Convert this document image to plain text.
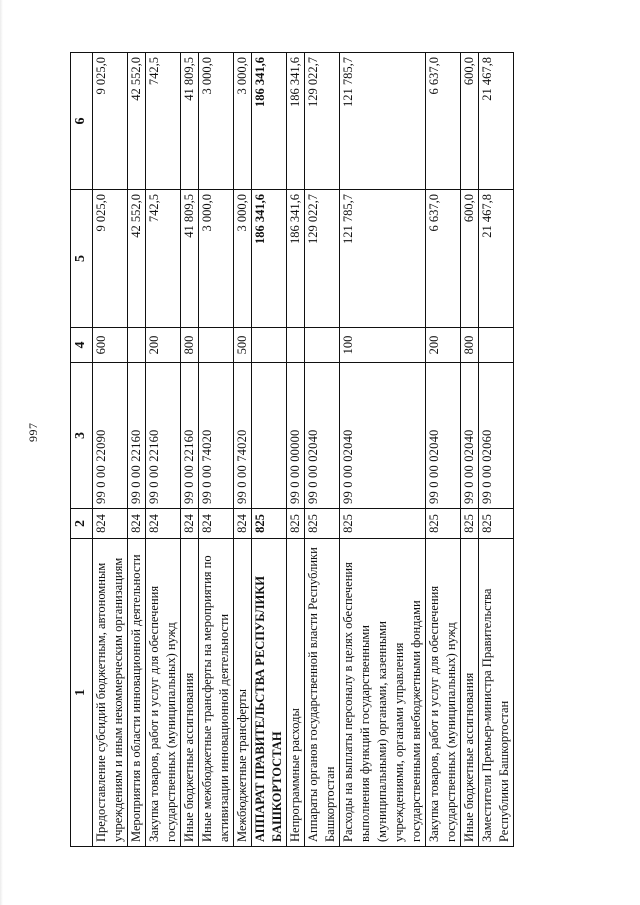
997
1	2	3	4	5	6
Предоставление субсидий бюджетным, автономным учреждениям и иным некоммерческим организациям	824	99 0 00 22090	600	9 025,0	9 025,0
Мероприятия в области инновационной деятельности	824	99 0 00 22160		42 552,0	42 552,0
Закупка товаров, работ и услуг для обеспечения государственных (муниципальных) нужд	824	99 0 00 22160	200	742,5	742,5
Иные бюджетные ассигнования	824	99 0 00 22160	800	41 809,5	41 809,5
Иные межбюджетные трансферты на мероприятия по активизации инновационной деятельности	824	99 0 00 74020		3 000,0	3 000,0
Межбюджетные трансферты	824	99 0 00 74020	500	3 000,0	3 000,0
АППАРАТ ПРАВИТЕЛЬСТВА РЕСПУБЛИКИ БАШКОРТОСТАН	825			186 341,6	186 341,6
Непрограммные расходы	825	99 0 00 00000		186 341,6	186 341,6
Аппараты органов государственной власти Республики Башкортостан	825	99 0 00 02040		129 022,7	129 022,7
Расходы на выплаты персоналу в целях обеспечения выполнения функций государственными (муниципальными) органами, казенными учреждениями, органами управления государственными внебюджетными фондами	825	99 0 00 02040	100	121 785,7	121 785,7
Закупка товаров, работ и услуг для обеспечения государственных (муниципальных) нужд	825	99 0 00 02040	200	6 637,0	6 637,0
Иные бюджетные ассигнования	825	99 0 00 02040	800	600,0	600,0
Заместители Премьер-министра Правительства Республики Башкортостан	825	99 0 00 02060		21 467,8	21 467,8
